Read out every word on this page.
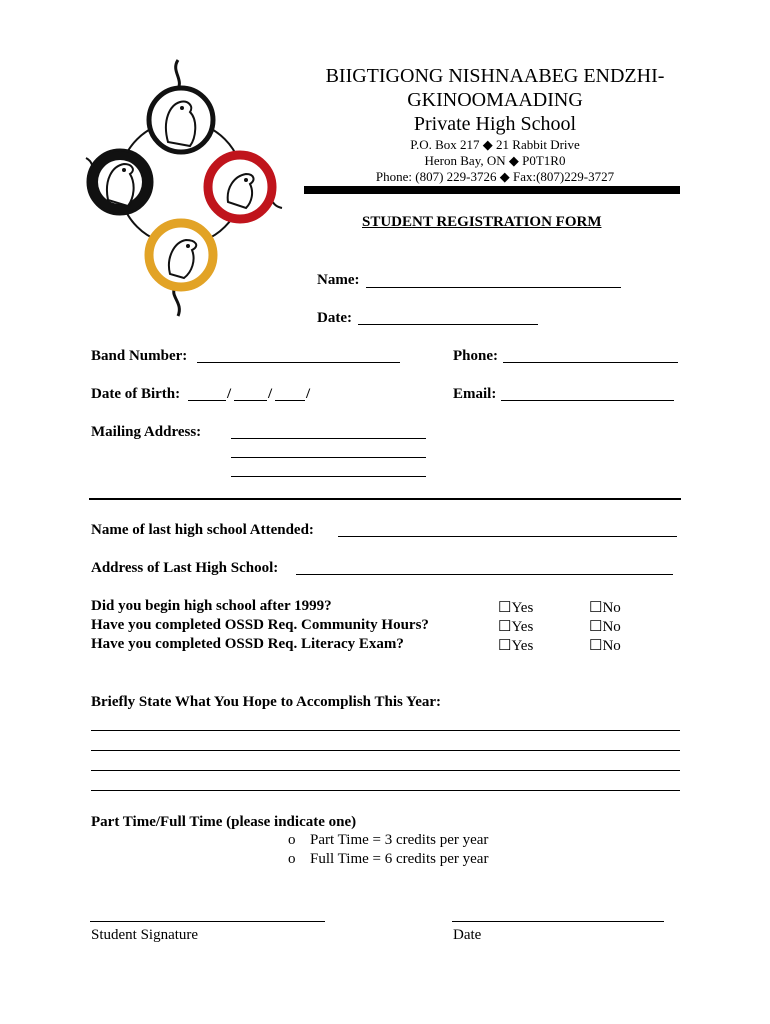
BIIGTIGONG NISHNAABEG ENDZHI-
GKINOOMAADING
Private High School
P.O. Box 217 ◆ 21 Rabbit Drive
Heron Bay, ON ◆ P0T1R0
Phone: (807) 229-3726 ◆ Fax:(807)229-3727
STUDENT REGISTRATION FORM
Name:
Date:
Band Number:	Phone:
Date of Birth:	/ / /	Email:
Mailing Address:
Name of last high school Attended:
Address of Last High School:
Did you begin high school after 1999?	☐Yes	☐No
Have you completed OSSD Req. Community Hours?	☐Yes	☐No
Have you completed OSSD Req. Literacy Exam?	☐Yes	☐No
Briefly State What You Hope to Accomplish This Year:
Part Time/Full Time (please indicate one)
o Part Time = 3 credits per year
o Full Time = 6 credits per year
Student Signature	Date
